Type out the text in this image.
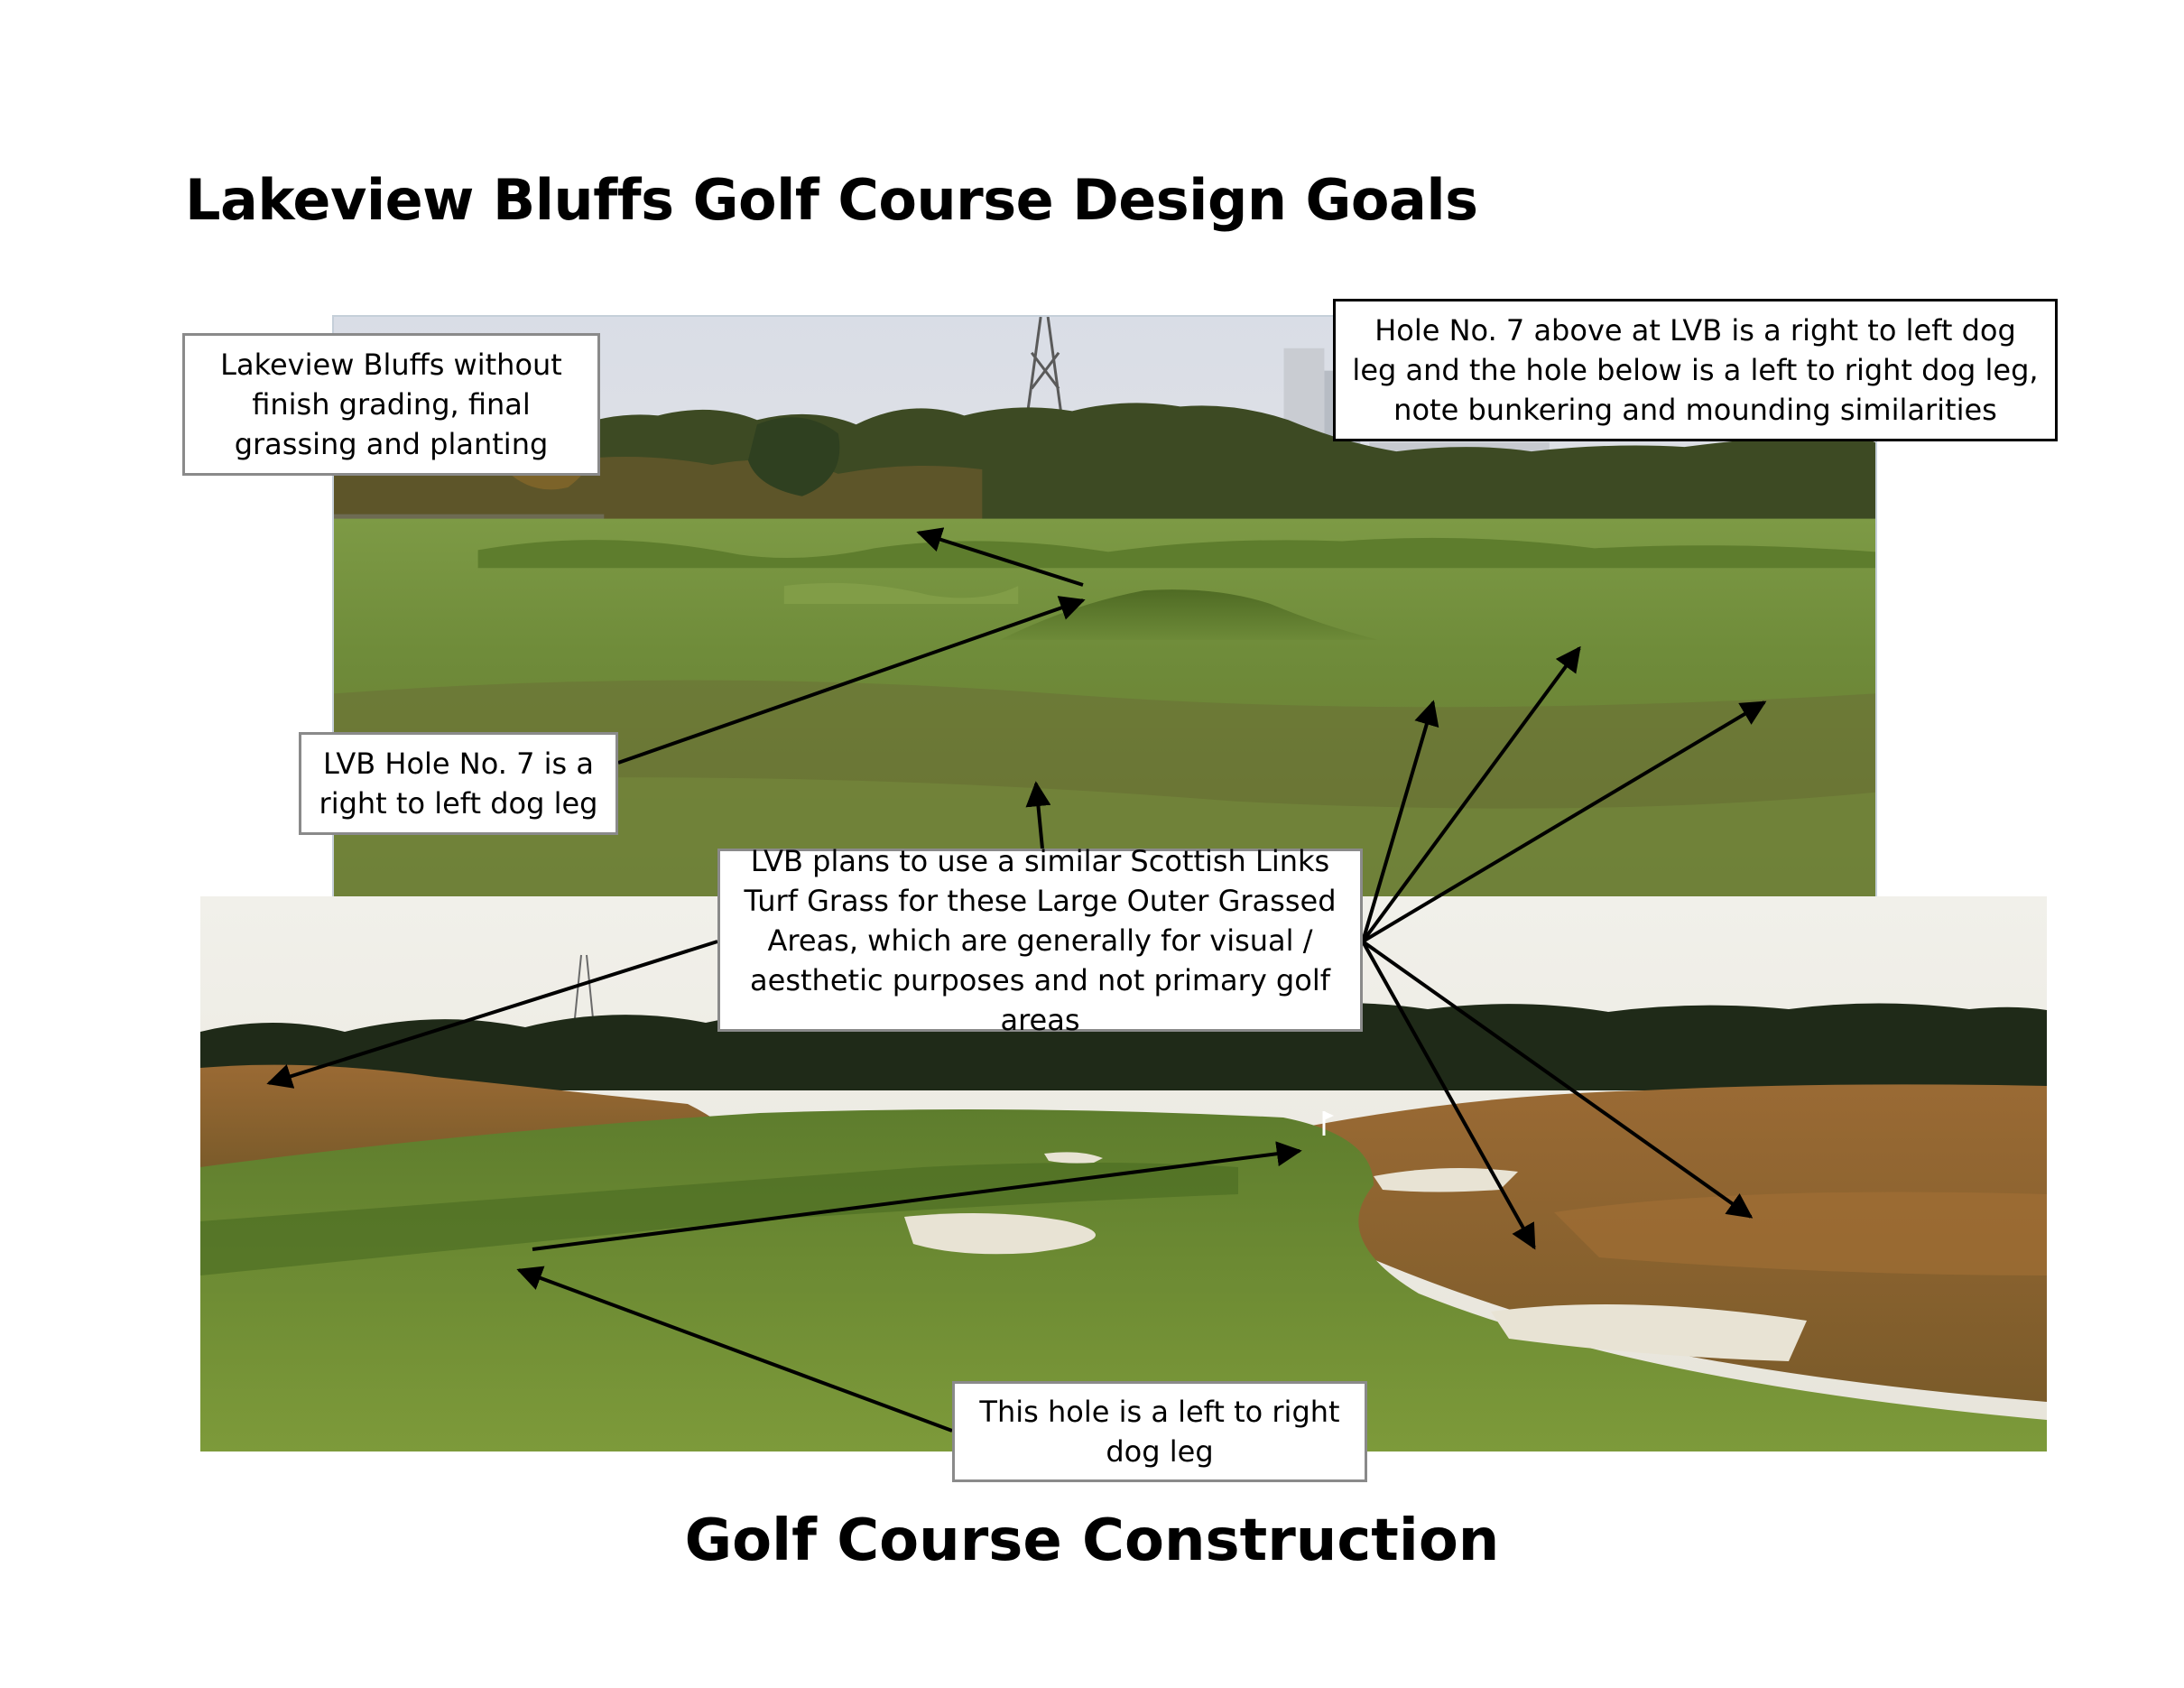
Lakeview Bluffs Golf Course Design Goals
Lakeview Bluffs without finish grading, final grassing and planting
Hole No. 7 above at LVB is a right to left dog leg and the hole below is a left to right dog leg, note bunkering and mounding similarities
LVB Hole No. 7 is a right to left dog leg
LVB plans to use a similar Scottish Links Turf Grass for these Large Outer Grassed Areas, which are generally for visual / aesthetic purposes and not primary golf areas
This hole is a left to right dog leg
Golf Course Construction
